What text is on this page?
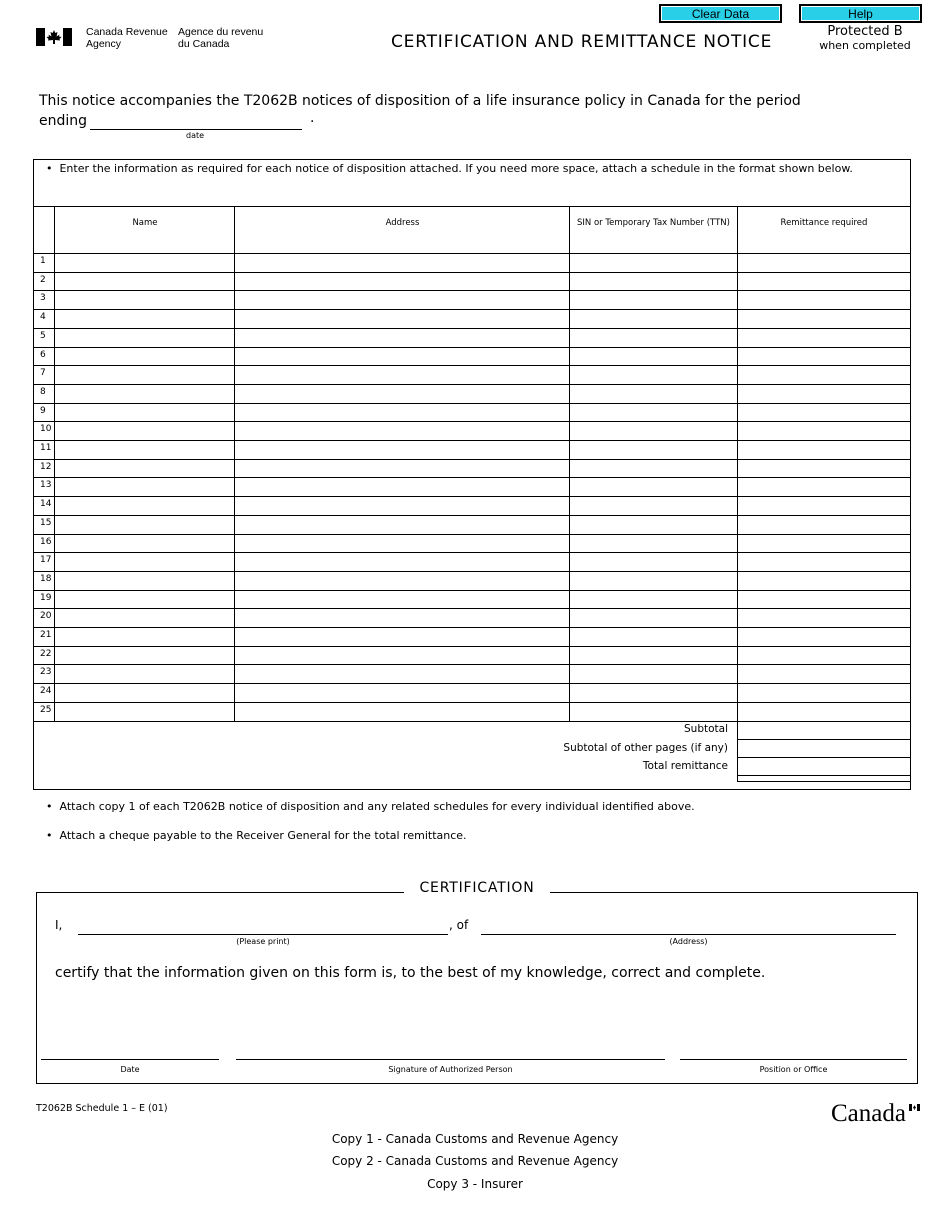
Canada Revenue
Agency
Agence du revenu
du Canada
Clear Data	Help
CERTIFICATION AND REMITTANCE NOTICE
Protected B
when completed
This notice accompanies the T2062B notices of disposition of a life insurance policy in Canada for the period
ending
date
.
•  Enter the information as required for each notice of disposition attached. If you need more space, attach a schedule in the format shown below.
Name	Address	SIN or Temporary Tax Number (TTN)	Remittance required
1
2
3
4
5
6
7
8
9
10
11
12
13
14
15
16
17
18
19
20
21
22
23
24
25
Subtotal
Subtotal of other pages (if any)
Total remittance
•  Attach copy 1 of each T2062B notice of disposition and any related schedules for every individual identified above.
•  Attach a cheque payable to the Receiver General for the total remittance.
CERTIFICATION
I,	, of
(Please print)	(Address)
certify that the information given on this form is, to the best of my knowledge, correct and complete.
Date	Signature of Authorized Person	Position or Office
T2062B Schedule 1 – E (01)	Canada
Copy 1 - Canada Customs and Revenue Agency
Copy 2 - Canada Customs and Revenue Agency
Copy 3 - Insurer
